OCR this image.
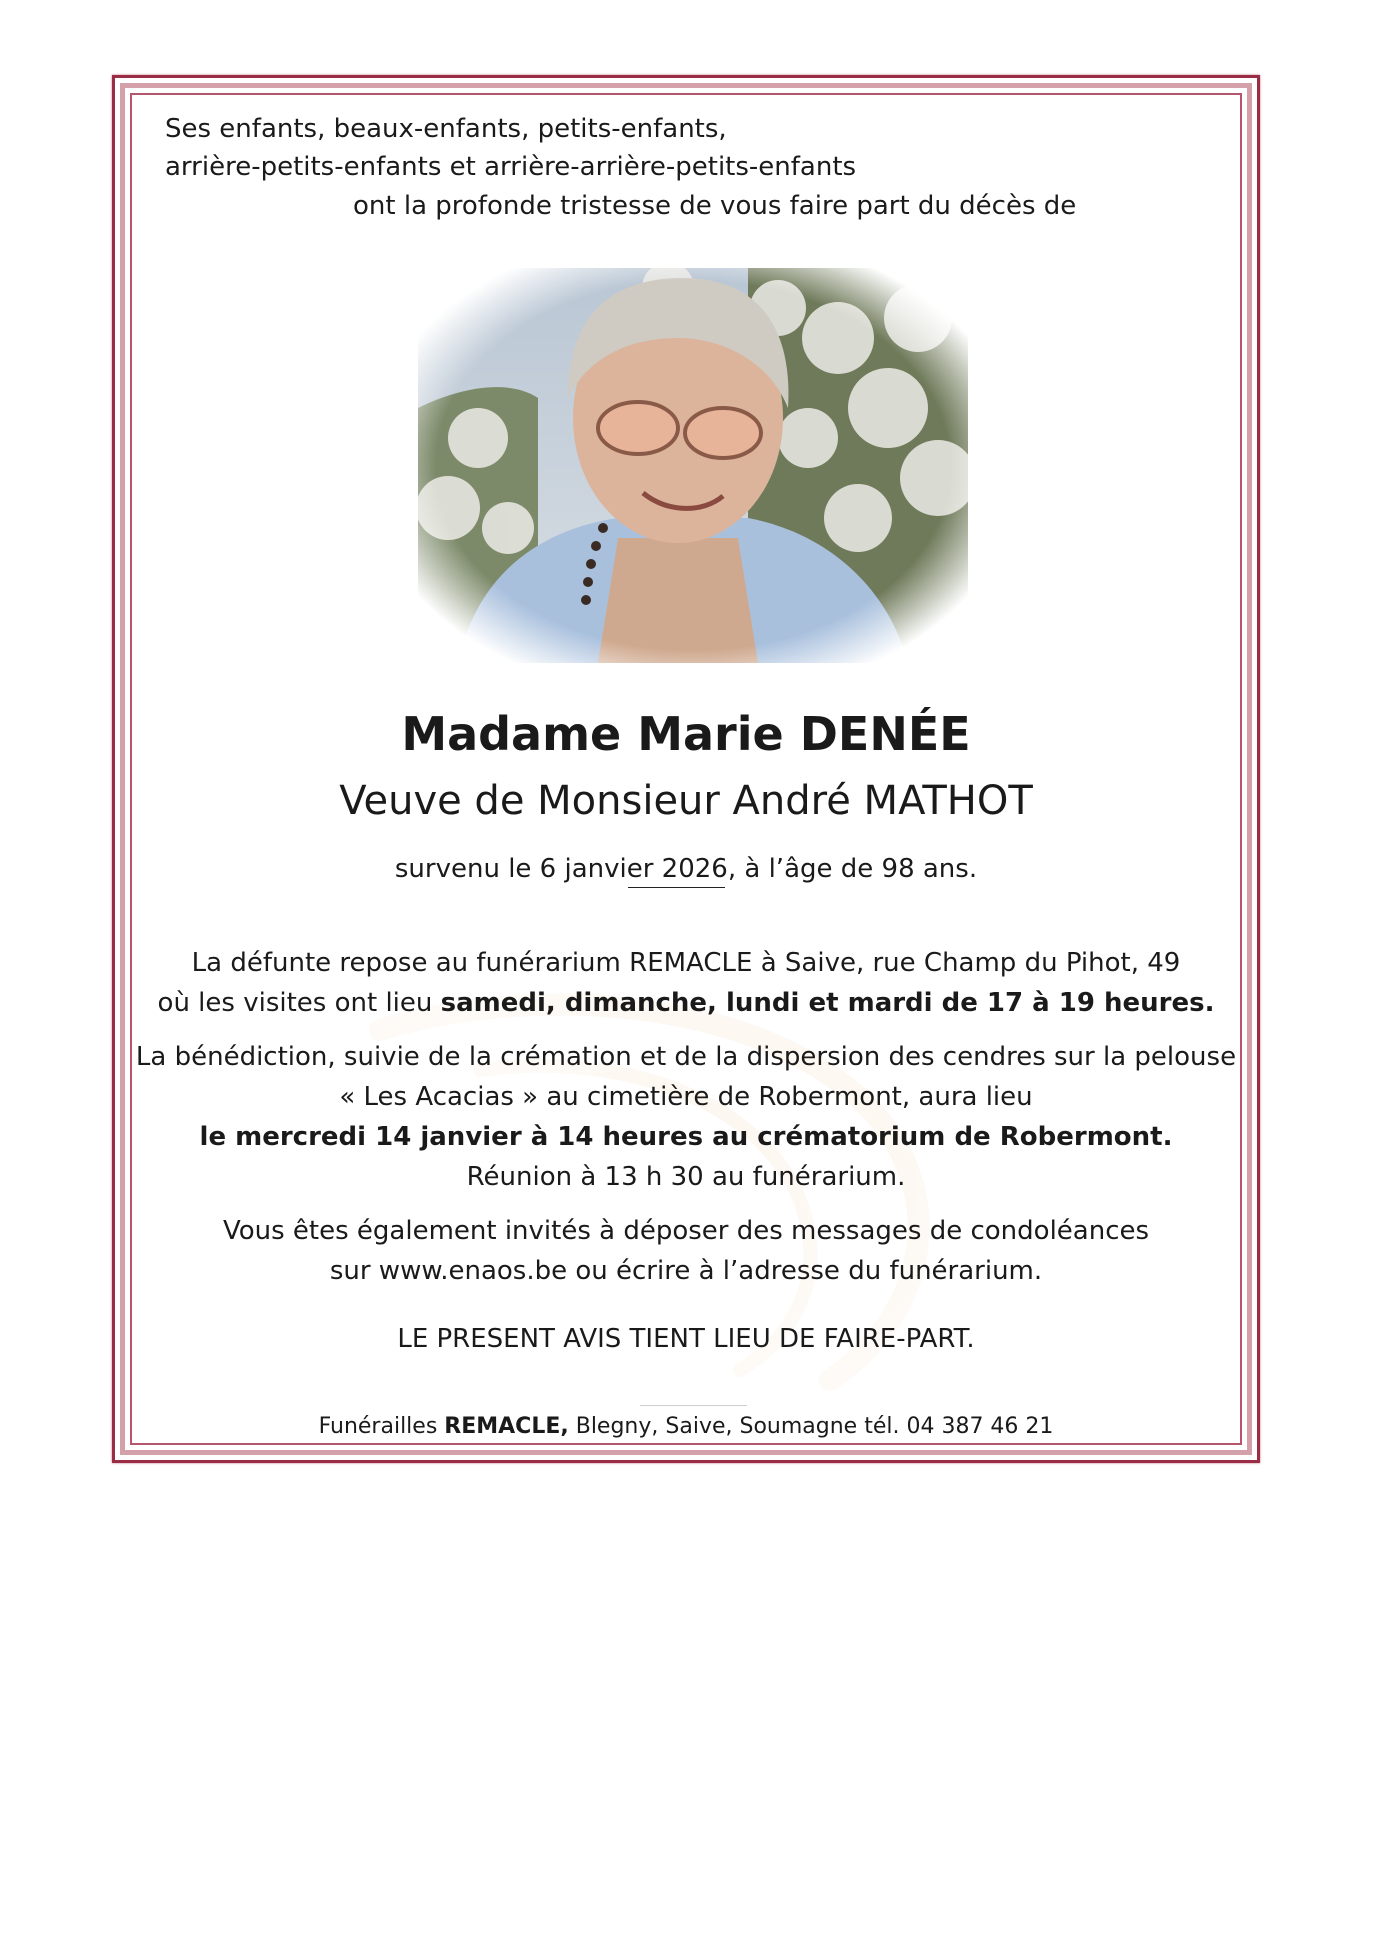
Ses enfants, beaux-enfants, petits-enfants,
arrière-petits-enfants et arrière-arrière-petits-enfants
ont la profonde tristesse de vous faire part du décès de
Madame Marie DENÉE
Veuve de Monsieur André MATHOT
survenu le 6 janvier 2026, à l’âge de 98 ans.
La défunte repose au funérarium REMACLE à Saive, rue Champ du Pihot, 49
où les visites ont lieu samedi, dimanche, lundi et mardi de 17 à 19 heures.
La bénédiction, suivie de la crémation et de la dispersion des cendres sur la pelouse
« Les Acacias » au cimetière de Robermont, aura lieu
le mercredi 14 janvier à 14 heures au crématorium de Robermont.
Réunion à 13 h 30 au funérarium.
Vous êtes également invités à déposer des messages de condoléances
sur www.enaos.be ou écrire à l’adresse du funérarium.
LE PRESENT AVIS TIENT LIEU DE FAIRE-PART.
Funérailles REMACLE, Blegny, Saive, Soumagne tél. 04 387 46 21
